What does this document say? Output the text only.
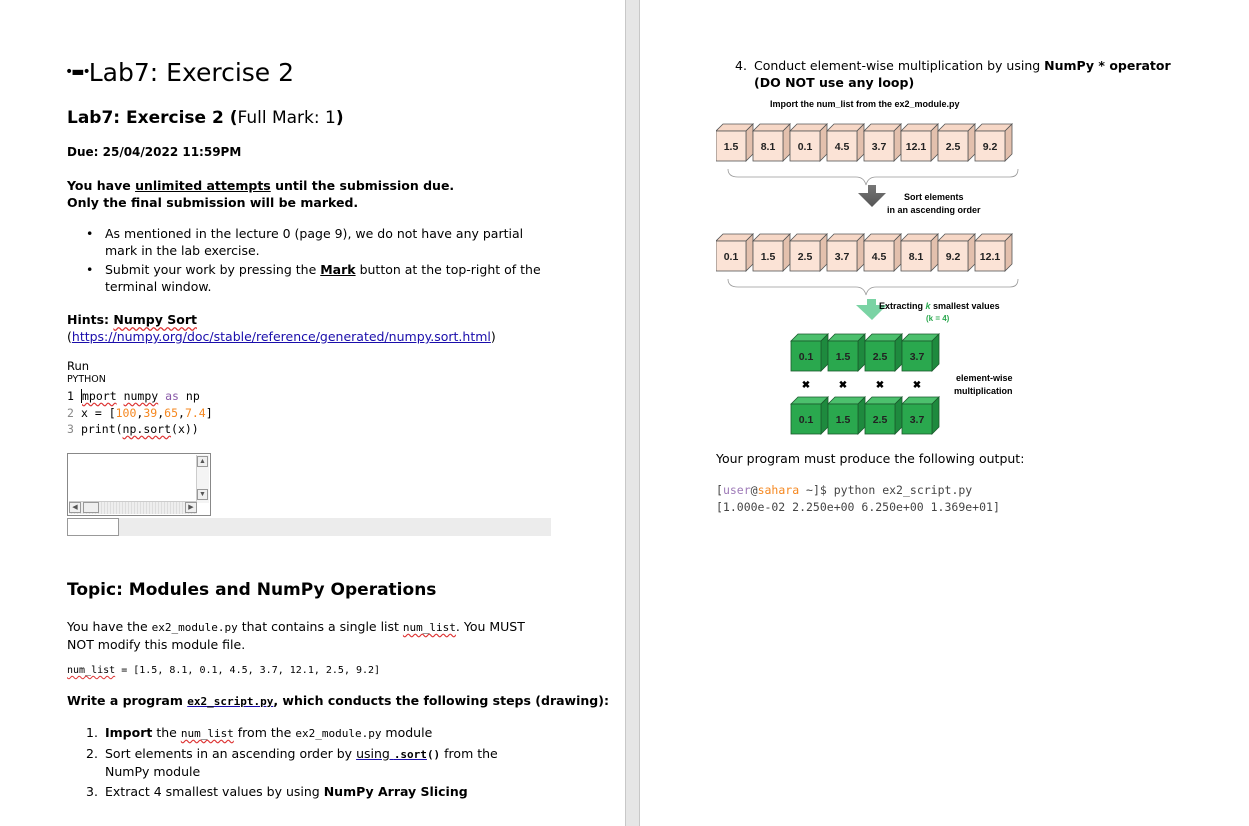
•▬•Lab7: Exercise 2
Lab7: Exercise 2 (Full Mark: 1)
Due: 25/04/2022 11:59PM
You have unlimited attempts until the submission due.
Only the final submission will be marked.
• As mentioned in the lecture 0 (page 9), we do not have any partial mark in the lab exercise.
• Submit your work by pressing the Mark button at the top-right of the terminal window.
Hints: Numpy Sort
(https://numpy.org/doc/stable/reference/generated/numpy.sort.html)
Run
PYTHON
1 mport numpy as np
2 x = [100,39,65,7.4]
3 print(np.sort(x))
▲
▼
◀	▶
Topic: Modules and NumPy Operations
You have the ex2_module.py that contains a single list num_list. You MUST NOT modify this module file.
num_list = [1.5, 8.1, 0.1, 4.5, 3.7, 12.1, 2.5, 9.2]
Write a program ex2_script.py, which conducts the following steps (drawing):
1. Import the num_list from the ex2_module.py module
2. Sort elements in an ascending order by using .sort() from the NumPy module
3. Extract 4 smallest values by using NumPy Array Slicing
4. Conduct element-wise multiplication by using NumPy * operator (DO NOT use any loop)
Import the num_list from the ex2_module.py
1.5 8.1 0.1 4.5 3.7 12.1 2.5 9.2
Sort elements
in an ascending order
0.1 1.5 2.5 3.7 4.5 8.1 9.2 12.1
Extracting k smallest values
(k = 4)
0.1 1.5 2.5 3.7
✖	✖	✖	✖
0.1 1.5 2.5 3.7
element-wise
multiplication
Your program must produce the following output:
[user@sahara ~]$ python ex2_script.py
[1.000e-02 2.250e+00 6.250e+00 1.369e+01]
